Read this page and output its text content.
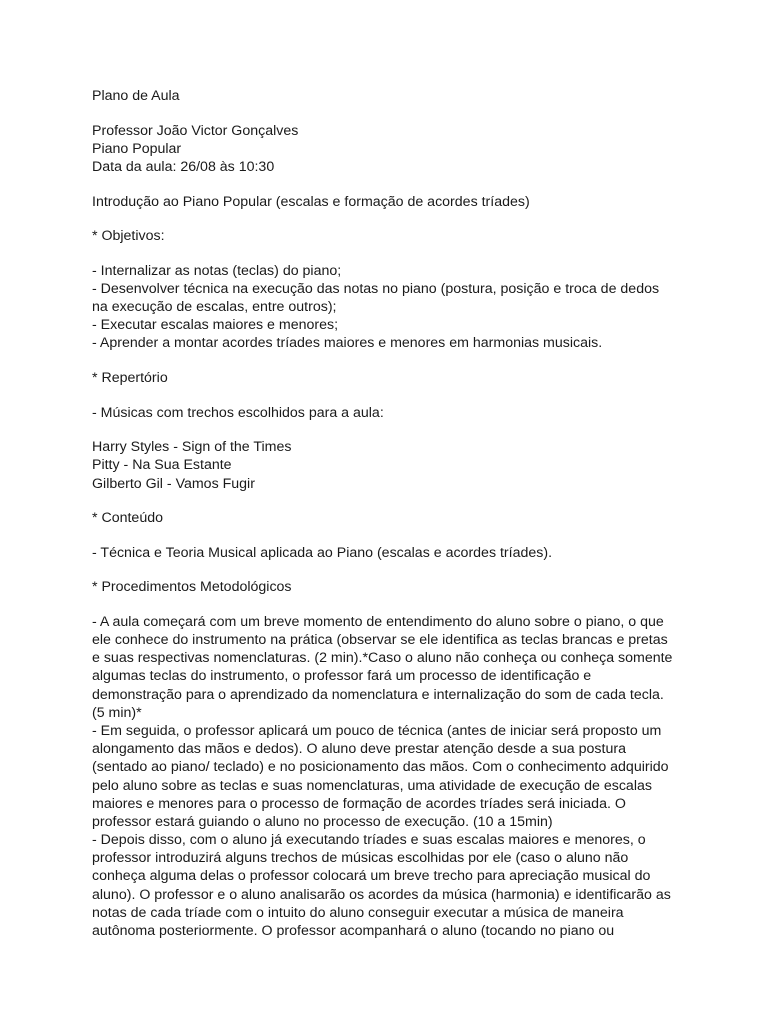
Plano de Aula
Professor João Victor Gonçalves
Piano Popular
Data da aula: 26/08 às 10:30
Introdução ao Piano Popular (escalas e formação de acordes tríades)
* Objetivos:
- Internalizar as notas (teclas) do piano;
- Desenvolver técnica na execução das notas no piano (postura, posição e troca de dedos
na execução de escalas, entre outros);
- Executar escalas maiores e menores;
- Aprender a montar acordes tríades maiores e menores em harmonias musicais.
* Repertório
- Músicas com trechos escolhidos para a aula:
Harry Styles - Sign of the Times
Pitty - Na Sua Estante
Gilberto Gil - Vamos Fugir
* Conteúdo
- Técnica e Teoria Musical aplicada ao Piano (escalas e acordes tríades).
* Procedimentos Metodológicos
- A aula começará com um breve momento de entendimento do aluno sobre o piano, o que
ele conhece do instrumento na prática (observar se ele identifica as teclas brancas e pretas
e suas respectivas nomenclaturas. (2 min).*Caso o aluno não conheça ou conheça somente
algumas teclas do instrumento, o professor fará um processo de identificação e
demonstração para o aprendizado da nomenclatura e internalização do som de cada tecla.
(5 min)*
- Em seguida, o professor aplicará um pouco de técnica (antes de iniciar será proposto um
alongamento das mãos e dedos). O aluno deve prestar atenção desde a sua postura
(sentado ao piano/ teclado) e no posicionamento das mãos. Com o conhecimento adquirido
pelo aluno sobre as teclas e suas nomenclaturas, uma atividade de execução de escalas
maiores e menores para o processo de formação de acordes tríades será iniciada. O
professor estará guiando o aluno no processo de execução. (10 a 15min)
- Depois disso, com o aluno já executando tríades e suas escalas maiores e menores, o
professor introduzirá alguns trechos de músicas escolhidas por ele (caso o aluno não
conheça alguma delas o professor colocará um breve trecho para apreciação musical do
aluno). O professor e o aluno analisarão os acordes da música (harmonia) e identificarão as
notas de cada tríade com o intuito do aluno conseguir executar a música de maneira
autônoma posteriormente. O professor acompanhará o aluno (tocando no piano ou
